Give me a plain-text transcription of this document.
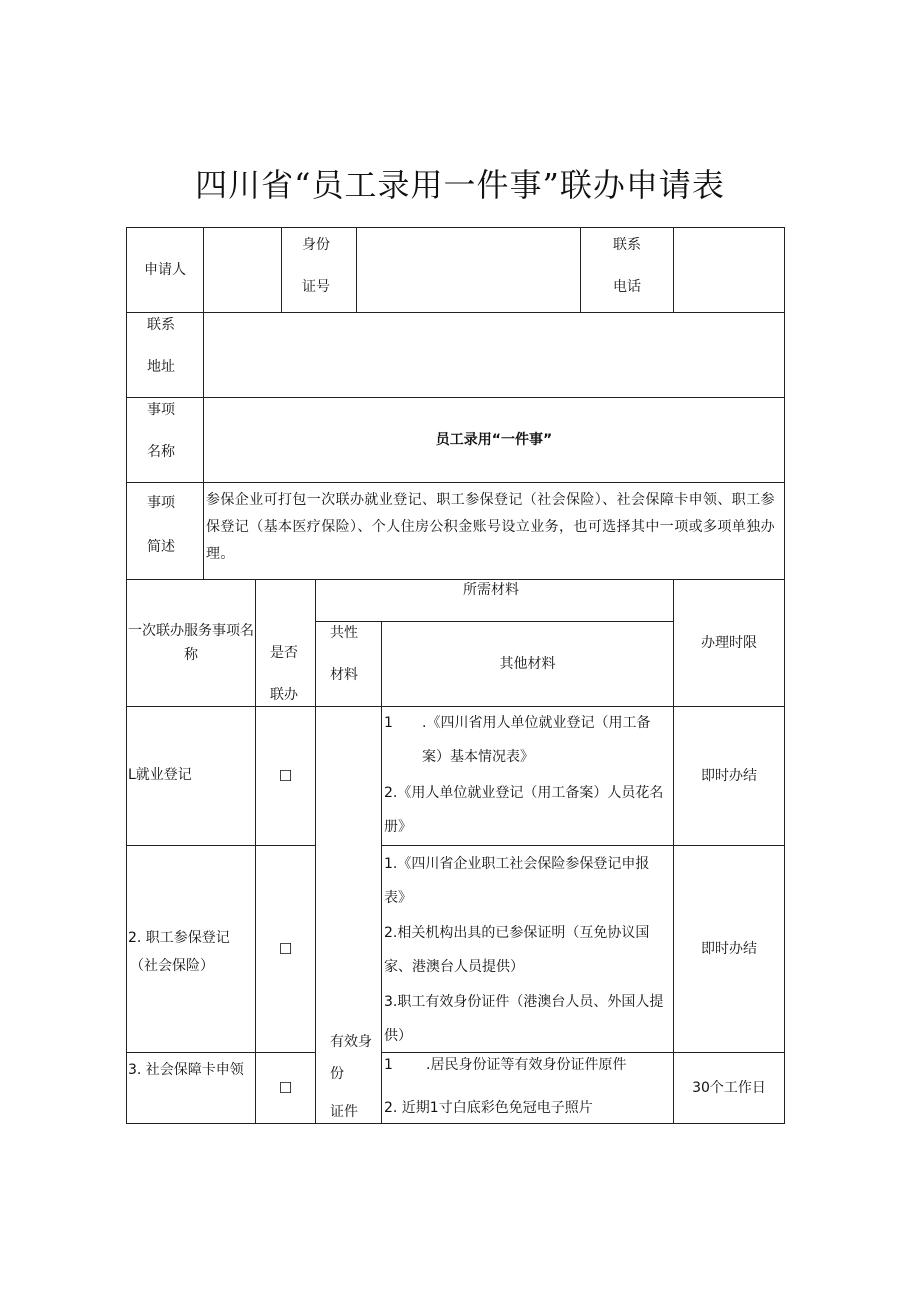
四川省“员工录用一件事”联办申请表
申请人
身份
证号
联系
电话
联系
地址
事项
名称
员工录用“一件事”
事项
简述
参保企业可打包一次联办就业登记、职工参保登记（社会保险）、社会保障卡申领、职工参保登记（基本医疗保险）、个人住房公积金账号设立业务，也可选择其中一项或多项单独办理。
一次联办服务事项名称	是否
联办
所需材料
共性
材料
其他材料
办理时限
有效身
份
证件
L就业登记	☐
1 .《四川省用人单位就业登记（用工备案）基本情况表》
2.《用人单位就业登记（用工备案）人员花名册》
即时办结
2. 职工参保登记
（社会保险）
☐
1.《四川省企业职工社会保险参保登记申报表》
2.相关机构出具的已参保证明（互免协议国家、港澳台人员提供）
3.职工有效身份证件（港澳台人员、外国人提供）
即时办结
3. 社会保障卡申领
☐
1 .居民身份证等有效身份证件原件
2. 近期1寸白底彩色免冠电子照片
30个工作日
